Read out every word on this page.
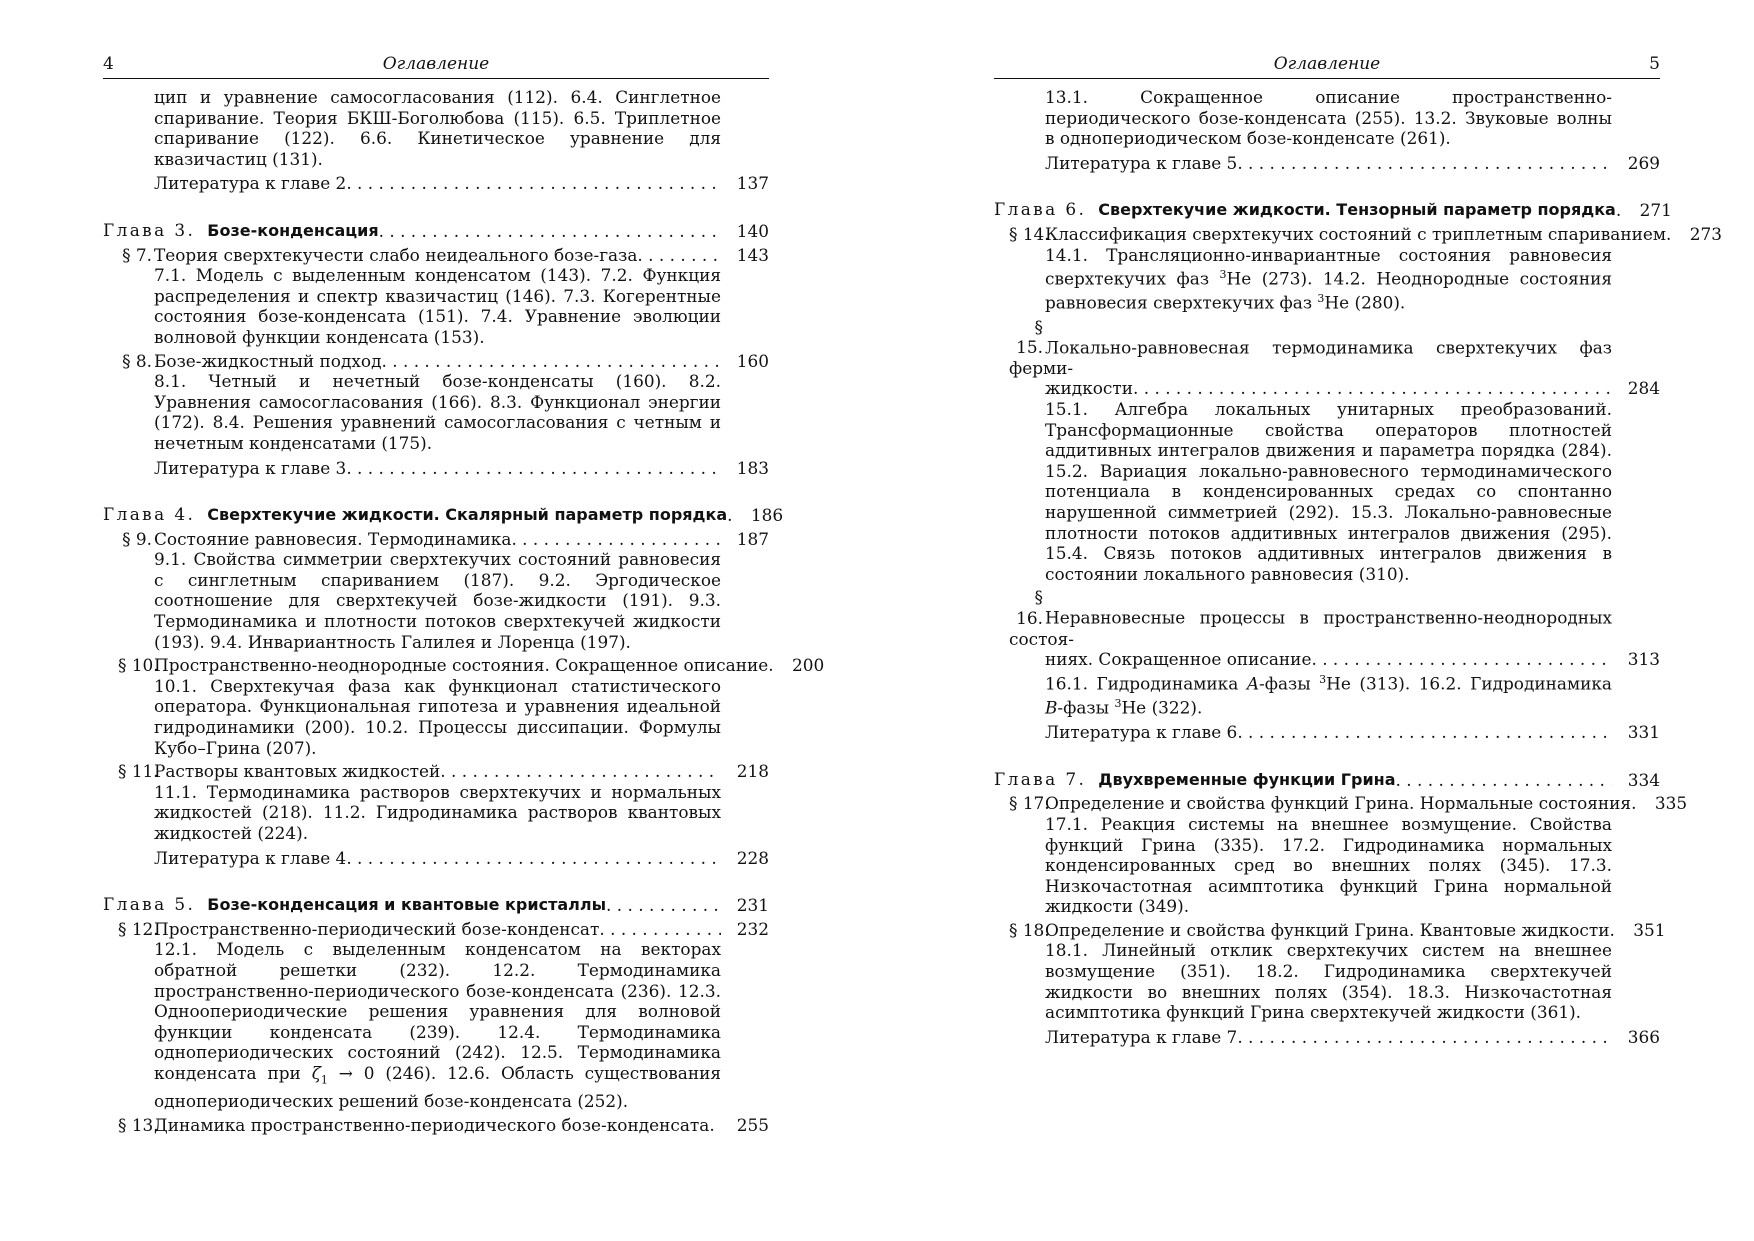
4	Оглавление
цип и уравнение самосогласования (112). 6.4. Синглетное спаривание. Теория БКШ-Боголюбова (115). 6.5. Триплетное спаривание (122). 6.6. Кинетическое уравнение для квазичастиц (131).
Литература к главе 2 . . .	137
Глава 3. Бозе-конденсация . . .	140
§ 7. Теория сверхтекучести слабо неидеального бозе-газа . . .	143
7.1. Модель с выделенным конденсатом (143). 7.2. Функция распределения и спектр квазичастиц (146). 7.3. Когерентные состояния бозе-конденсата (151). 7.4. Уравнение эволюции волновой функции конденсата (153).
§ 8. Бозе-жидкостный подход . . .	160
8.1. Четный и нечетный бозе-конденсаты (160). 8.2. Уравнения самосогласования (166). 8.3. Функционал энергии (172). 8.4. Решения уравнений самосогласования с четным и нечетным конденсатами (175).
Литература к главе 3 . . .	183
Глава 4. Сверхтекучие жидкости. Скалярный параметр порядка . . .	186
§ 9. Состояние равновесия. Термодинамика . . .	187
9.1. Свойства симметрии сверхтекучих состояний равновесия с синглетным спариванием (187). 9.2. Эргодическое соотношение для сверхтекучей бозе-жидкости (191). 9.3. Термодинамика и плотности потоков сверхтекучей жидкости (193). 9.4. Инвариантность Галилея и Лоренца (197).
§ 10.Пространственно-неоднородные состояния. Сокращенное описание . . .	200
10.1. Сверхтекучая фаза как функционал статистического оператора. Функциональная гипотеза и уравнения идеальной гидродинамики (200). 10.2. Процессы диссипации. Формулы Кубо–Грина (207).
§ 11.Растворы квантовых жидкостей . . .	218
11.1. Термодинамика растворов сверхтекучих и нормальных жидкостей (218). 11.2. Гидродинамика растворов квантовых жидкостей (224).
Литература к главе 4 . . .	228
Глава 5. Бозе-конденсация и квантовые кристаллы . . .	231
§ 12.Пространственно-периодический бозе-конденсат . . .	232
12.1. Модель с выделенным конденсатом на векторах обратной решетки (232). 12.2. Термодинамика пространственно-периодического бозе-конденсата (236). 12.3. Одноопериодические решения уравнения для волновой функции конденсата (239). 12.4. Термодинамика однопериодических состояний (242). 12.5. Термодинамика конденсата при $\zeta_1 \to 0$ (246). 12.6. Область существования однопериодических решений бозе-конденсата (252).
§ 13.Динамика пространственно-периодического бозе-конденсата . . .	255
Оглавление	5
13.1. Сокращенное описание пространственно-периодического бозе-конденсата (255). 13.2. Звуковые волны в однопериодическом бозе-конденсате (261).
Литература к главе 5 . . .	269
Глава 6. Сверхтекучие жидкости. Тензорный параметр порядка . . .	271
§ 14.Классификация сверхтекучих состояний с триплетным спариванием . . .	273
14.1. Трансляционно-инвариантные состояния равновесия сверхтекучих фаз $^3$He (273). 14.2. Неоднородные состояния равновесия сверхтекучих фаз $^3$He (280).
§ 15. Локально-равновесная термодинамика сверхтекучих фаз ферми-
жидкости . . .	284
15.1. Алгебра локальных унитарных преобразований. Трансформационные свойства операторов плотностей аддитивных интегралов движения и параметра порядка (284). 15.2. Вариация локально-равновесного термодинамического потенциала в конденсированных средах со спонтанно нарушенной симметрией (292). 15.3. Локально-равновесные плотности потоков аддитивных интегралов движения (295). 15.4. Связь потоков аддитивных интегралов движения в состоянии локального равновесия (310).
§ 16. Неравновесные процессы в пространственно-неоднородных состоя-
ниях. Сокращенное описание . . .	313
16.1. Гидродинамика A-фазы $^3$He (313). 16.2. Гидродинамика B-фазы $^3$He (322).
Литература к главе 6 . . .	331
Глава 7. Двухвременные функции Грина . . .	334
§ 17.Определение и свойства функций Грина. Нормальные состояния . . .	335
17.1. Реакция системы на внешнее возмущение. Свойства функций Грина (335). 17.2. Гидродинамика нормальных конденсированных сред во внешних полях (345). 17.3. Низкочастотная асимптотика функций Грина нормальной жидкости (349).
§ 18.Определение и свойства функций Грина. Квантовые жидкости . . .	351
18.1. Линейный отклик сверхтекучих систем на внешнее возмущение (351). 18.2. Гидродинамика сверхтекучей жидкости во внешних полях (354). 18.3. Низкочастотная асимптотика функций Грина сверхтекучей жидкости (361).
Литература к главе 7 . . .	366
